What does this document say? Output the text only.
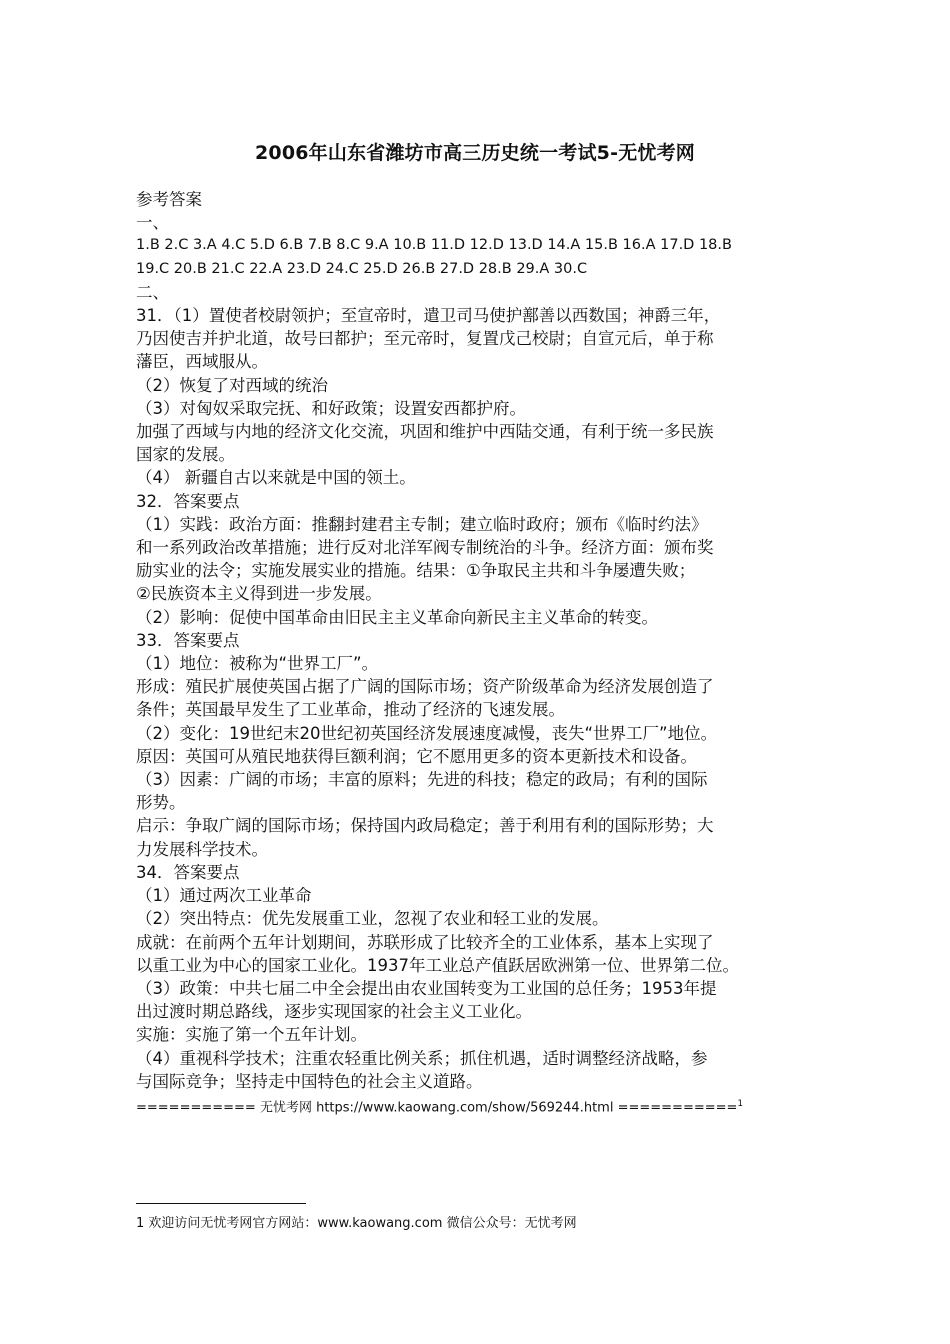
2006年山东省潍坊市高三历史统一考试5-无忧考网
参考答案
一、
1.B 2.C 3.A 4.C 5.D 6.B 7.B 8.C 9.A 10.B 11.D 12.D 13.D 14.A 15.B 16.A 17.D 18.B
19.C 20.B 21.C 22.A 23.D 24.C 25.D 26.B 27.D 28.B 29.A 30.C
二、
31．（1）置使者校尉领护；至宣帝时，遣卫司马使护鄯善以西数国；神爵三年，
乃因使吉并护北道，故号曰都护；至元帝时，复置戊己校尉；自宣元后，单于称
藩臣，西域服从。
（2）恢复了对西域的统治
（3）对匈奴采取完抚、和好政策；设置安西都护府。
加强了西域与内地的经济文化交流，巩固和维护中西陆交通，有利于统一多民族
国家的发展。
（4） 新疆自古以来就是中国的领土。
32．答案要点
（1）实践：政治方面：推翻封建君主专制；建立临时政府；颁布《临时约法》
和一系列政治改革措施；进行反对北洋军阀专制统治的斗争。经济方面：颁布奖
励实业的法令；实施发展实业的措施。结果：①争取民主共和斗争屡遭失败；
②民族资本主义得到进一步发展。
（2）影响：促使中国革命由旧民主主义革命向新民主主义革命的转变。
33．答案要点
（1）地位：被称为“世界工厂”。
形成：殖民扩展使英国占据了广阔的国际市场；资产阶级革命为经济发展创造了
条件；英国最早发生了工业革命，推动了经济的飞速发展。
（2）变化：19世纪末20世纪初英国经济发展速度减慢，丧失“世界工厂”地位。
原因：英国可从殖民地获得巨额利润；它不愿用更多的资本更新技术和设备。
（3）因素：广阔的市场；丰富的原料；先进的科技；稳定的政局；有利的国际
形势。
启示：争取广阔的国际市场；保持国内政局稳定；善于利用有利的国际形势；大
力发展科学技术。
34．答案要点
（1）通过两次工业革命
（2）突出特点：优先发展重工业，忽视了农业和轻工业的发展。
成就：在前两个五年计划期间，苏联形成了比较齐全的工业体系，基本上实现了
以重工业为中心的国家工业化。1937年工业总产值跃居欧洲第一位、世界第二位。
（3）政策：中共七届二中全会提出由农业国转变为工业国的总任务；1953年提
出过渡时期总路线，逐步实现国家的社会主义工业化。
实施：实施了第一个五年计划。
（4）重视科学技术；注重农轻重比例关系；抓住机遇，适时调整经济战略，参
与国际竞争；坚持走中国特色的社会主义道路。
=========== 无忧考网 https://www.kaowang.com/show/569244.html ===========$^1$
1 欢迎访问无忧考网官方网站：www.kaowang.com 微信公众号：无忧考网
